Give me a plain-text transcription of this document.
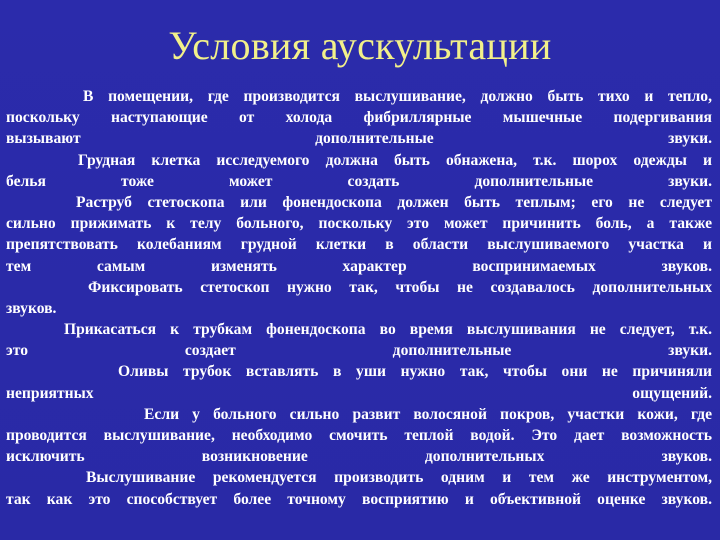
Условия аускультации
В помещении, где производится выслушивание, должно быть тихо и тепло,
поскольку наступающие от холода фибриллярные мышечные подергивания
вызывают дополнительные звуки.
Грудная клетка исследуемого должна быть обнажена, т.к. шорох одежды и
белья тоже может создать дополнительные звуки.
Раструб стетоскопа или фонендоскопа должен быть теплым; его не следует
сильно прижимать к телу больного, поскольку это может причинить боль, а также
препятствовать колебаниям грудной клетки в области выслушиваемого участка и
тем самым изменять характер воспринимаемых звуков.
Фиксировать стетоскоп нужно так, чтобы не создавалось дополнительных
звуков.
Прикасаться к трубкам фонендоскопа во время выслушивания не следует, т.к.
это создает дополнительные звуки.
Оливы трубок вставлять в уши нужно так, чтобы они не причиняли
неприятных ощущений.
Если у больного сильно развит волосяной покров, участки кожи, где
проводится выслушивание, необходимо смочить теплой водой. Это дает возможность
исключить возникновение дополнительных звуков.
Выслушивание рекомендуется производить одним и тем же инструментом,
так как это способствует более точному восприятию и объективной оценке звуков.
